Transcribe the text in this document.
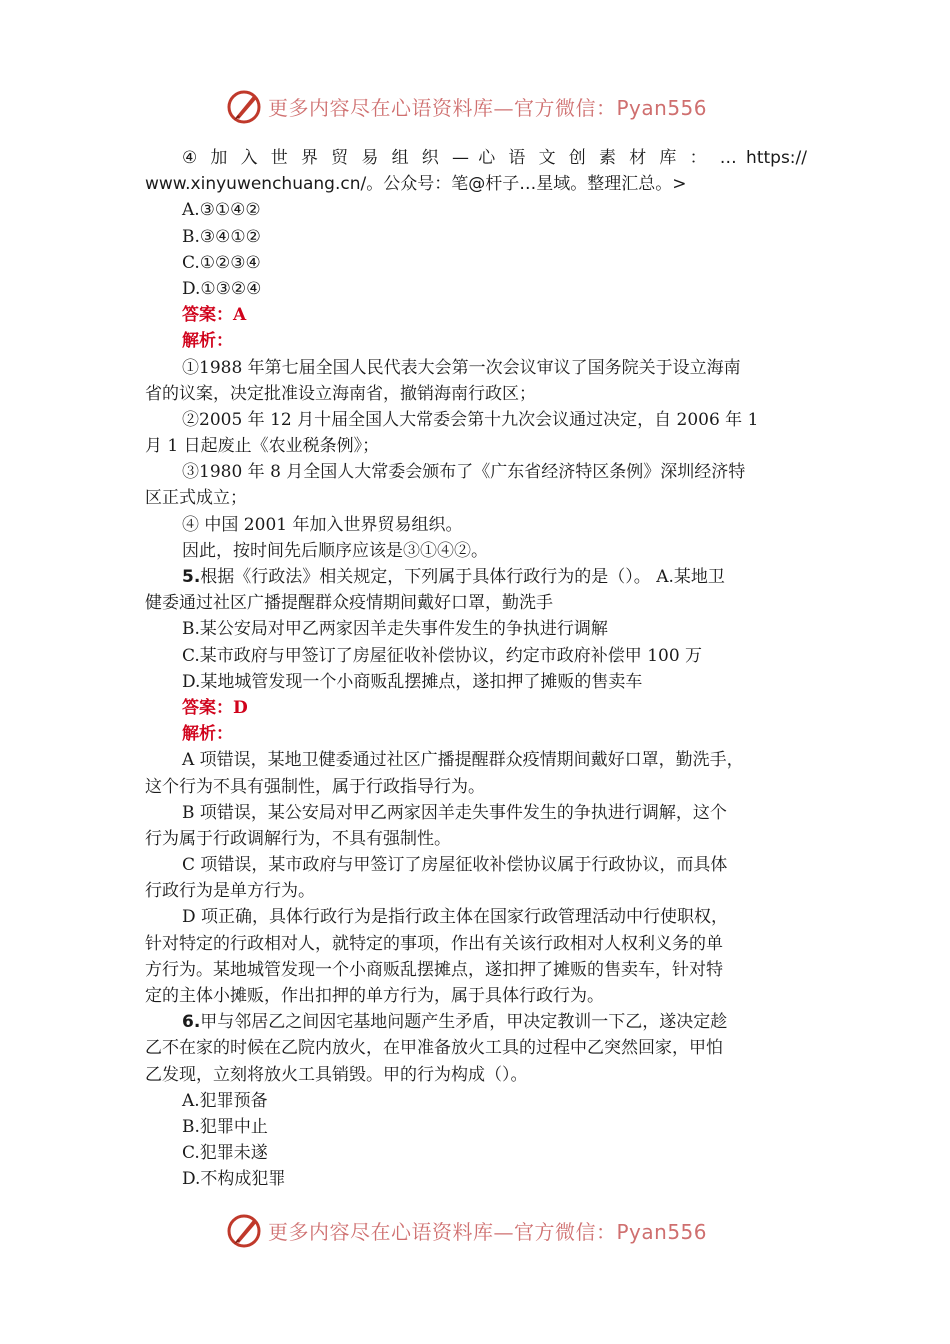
更多内容尽在心语资料库—官方微信：Pyan556
④ 加 入 世 界 贸 易 组 织 — 心 语 文 创 素 材 库 ： … https://
www.xinyuwenchuang.cn/。公众号：笔@杆子…星域。整理汇总。>
A.③①④②
B.③④①②
C.①②③④
D.①③②④
答案：A
解析：
①1988 年第七届全国人民代表大会第一次会议审议了国务院关于设立海南
省的议案，决定批准设立海南省，撤销海南行政区；
②2005 年 12 月十届全国人大常委会第十九次会议通过决定，自 2006 年 1
月 1 日起废止《农业税条例》；
③1980 年 8 月全国人大常委会颁布了《广东省经济特区条例》深圳经济特
区正式成立；
④ 中国 2001 年加入世界贸易组织。
因此，按时间先后顺序应该是③①④②。
5.根据《行政法》相关规定，下列属于具体行政行为的是（）。 A.某地卫
健委通过社区广播提醒群众疫情期间戴好口罩，勤洗手
B.某公安局对甲乙两家因羊走失事件发生的争执进行调解
C.某市政府与甲签订了房屋征收补偿协议，约定市政府补偿甲 100 万
D.某地城管发现一个小商贩乱摆摊点，遂扣押了摊贩的售卖车
答案：D
解析：
A 项错误，某地卫健委通过社区广播提醒群众疫情期间戴好口罩，勤洗手，
这个行为不具有强制性，属于行政指导行为。
B 项错误，某公安局对甲乙两家因羊走失事件发生的争执进行调解，这个
行为属于行政调解行为，不具有强制性。
C 项错误，某市政府与甲签订了房屋征收补偿协议属于行政协议，而具体
行政行为是单方行为。
D 项正确，具体行政行为是指行政主体在国家行政管理活动中行使职权，
针对特定的行政相对人，就特定的事项，作出有关该行政相对人权利义务的单
方行为。某地城管发现一个小商贩乱摆摊点，遂扣押了摊贩的售卖车，针对特
定的主体小摊贩，作出扣押的单方行为，属于具体行政行为。
6.甲与邻居乙之间因宅基地问题产生矛盾，甲决定教训一下乙，遂决定趁
乙不在家的时候在乙院内放火，在甲准备放火工具的过程中乙突然回家，甲怕
乙发现，立刻将放火工具销毁。甲的行为构成（）。
A.犯罪预备
B.犯罪中止
C.犯罪未遂
D.不构成犯罪
更多内容尽在心语资料库—官方微信：Pyan556
